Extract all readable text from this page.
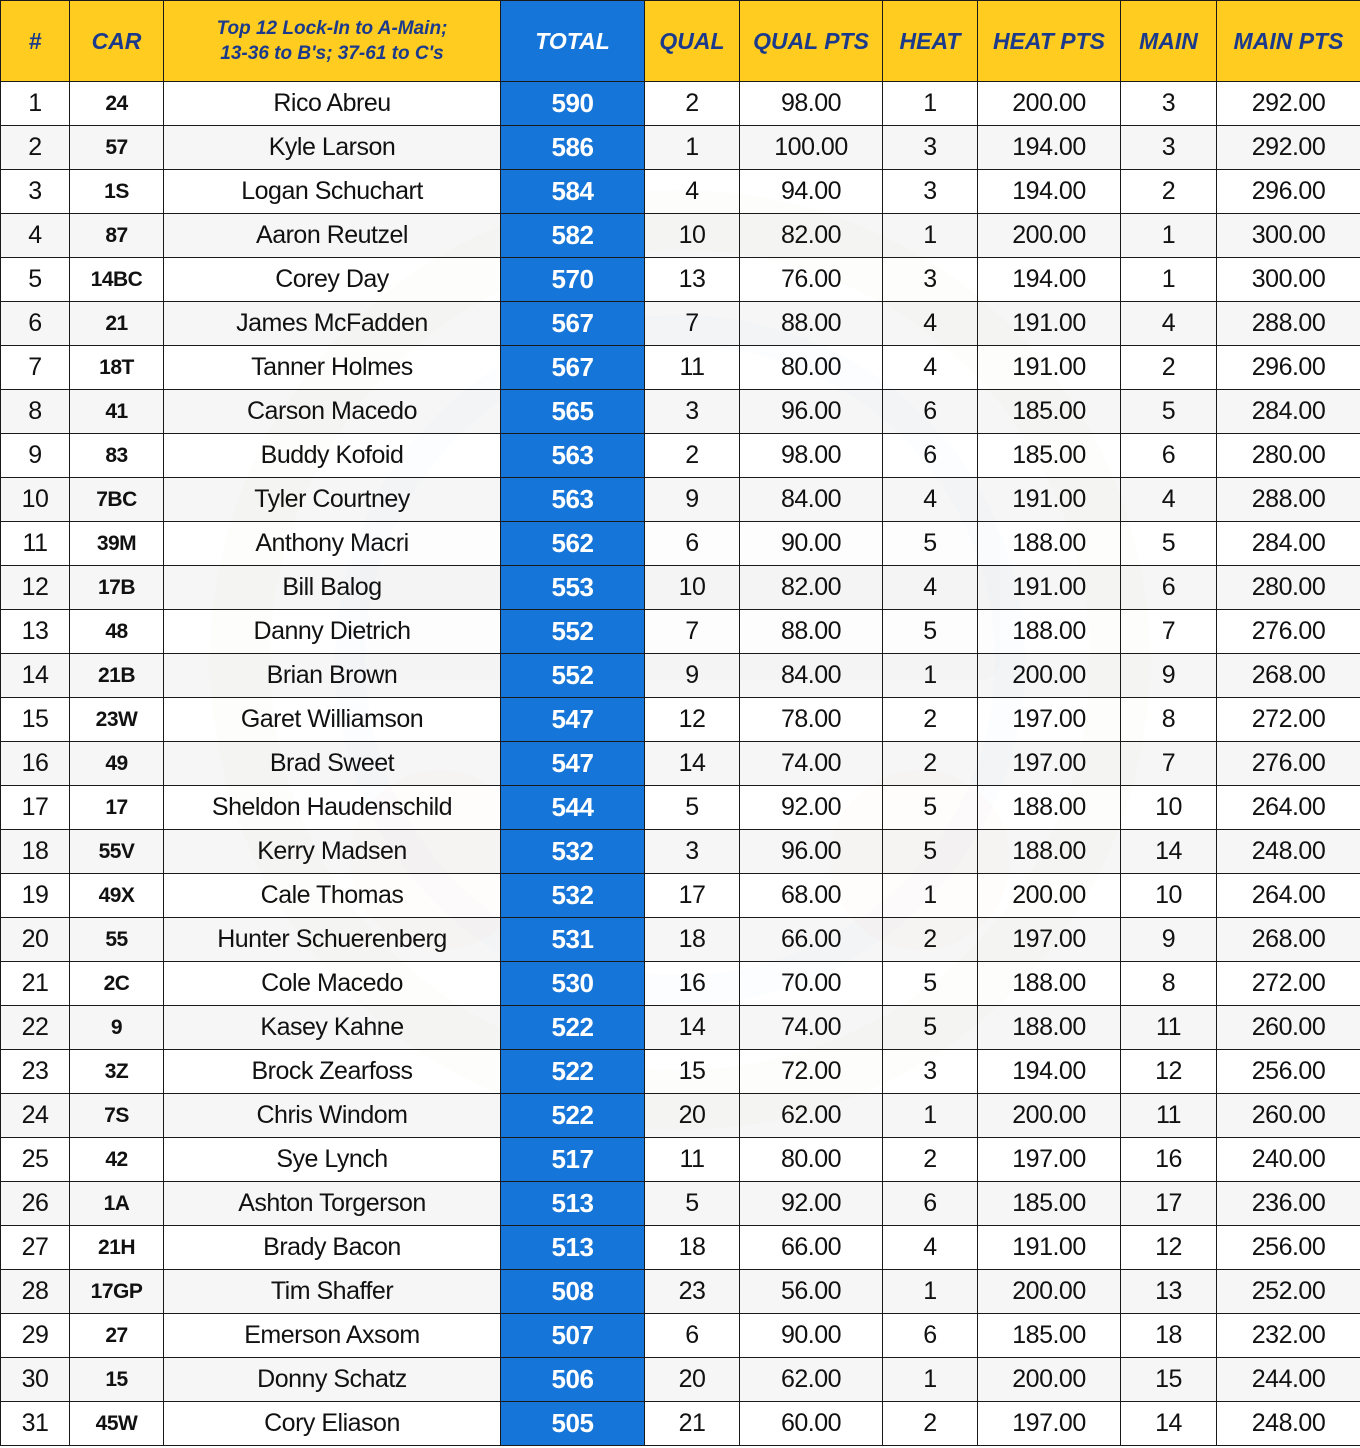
#	CAR	Top 12 Lock-In to A-Main;
13-36 to B's; 37-61 to C's	TOTAL	QUAL	QUAL PTS	HEAT	HEAT PTS	MAIN	MAIN PTS
1	24	Rico Abreu	590	2	98.00	1	200.00	3	292.00
2	57	Kyle Larson	586	1	100.00	3	194.00	3	292.00
3	1S	Logan Schuchart	584	4	94.00	3	194.00	2	296.00
4	87	Aaron Reutzel	582	10	82.00	1	200.00	1	300.00
5	14BC	Corey Day	570	13	76.00	3	194.00	1	300.00
6	21	James McFadden	567	7	88.00	4	191.00	4	288.00
7	18T	Tanner Holmes	567	11	80.00	4	191.00	2	296.00
8	41	Carson Macedo	565	3	96.00	6	185.00	5	284.00
9	83	Buddy Kofoid	563	2	98.00	6	185.00	6	280.00
10	7BC	Tyler Courtney	563	9	84.00	4	191.00	4	288.00
11	39M	Anthony Macri	562	6	90.00	5	188.00	5	284.00
12	17B	Bill Balog	553	10	82.00	4	191.00	6	280.00
13	48	Danny Dietrich	552	7	88.00	5	188.00	7	276.00
14	21B	Brian Brown	552	9	84.00	1	200.00	9	268.00
15	23W	Garet Williamson	547	12	78.00	2	197.00	8	272.00
16	49	Brad Sweet	547	14	74.00	2	197.00	7	276.00
17	17	Sheldon Haudenschild	544	5	92.00	5	188.00	10	264.00
18	55V	Kerry Madsen	532	3	96.00	5	188.00	14	248.00
19	49X	Cale Thomas	532	17	68.00	1	200.00	10	264.00
20	55	Hunter Schuerenberg	531	18	66.00	2	197.00	9	268.00
21	2C	Cole Macedo	530	16	70.00	5	188.00	8	272.00
22	9	Kasey Kahne	522	14	74.00	5	188.00	11	260.00
23	3Z	Brock Zearfoss	522	15	72.00	3	194.00	12	256.00
24	7S	Chris Windom	522	20	62.00	1	200.00	11	260.00
25	42	Sye Lynch	517	11	80.00	2	197.00	16	240.00
26	1A	Ashton Torgerson	513	5	92.00	6	185.00	17	236.00
27	21H	Brady Bacon	513	18	66.00	4	191.00	12	256.00
28	17GP	Tim Shaffer	508	23	56.00	1	200.00	13	252.00
29	27	Emerson Axsom	507	6	90.00	6	185.00	18	232.00
30	15	Donny Schatz	506	20	62.00	1	200.00	15	244.00
31	45W	Cory Eliason	505	21	60.00	2	197.00	14	248.00
